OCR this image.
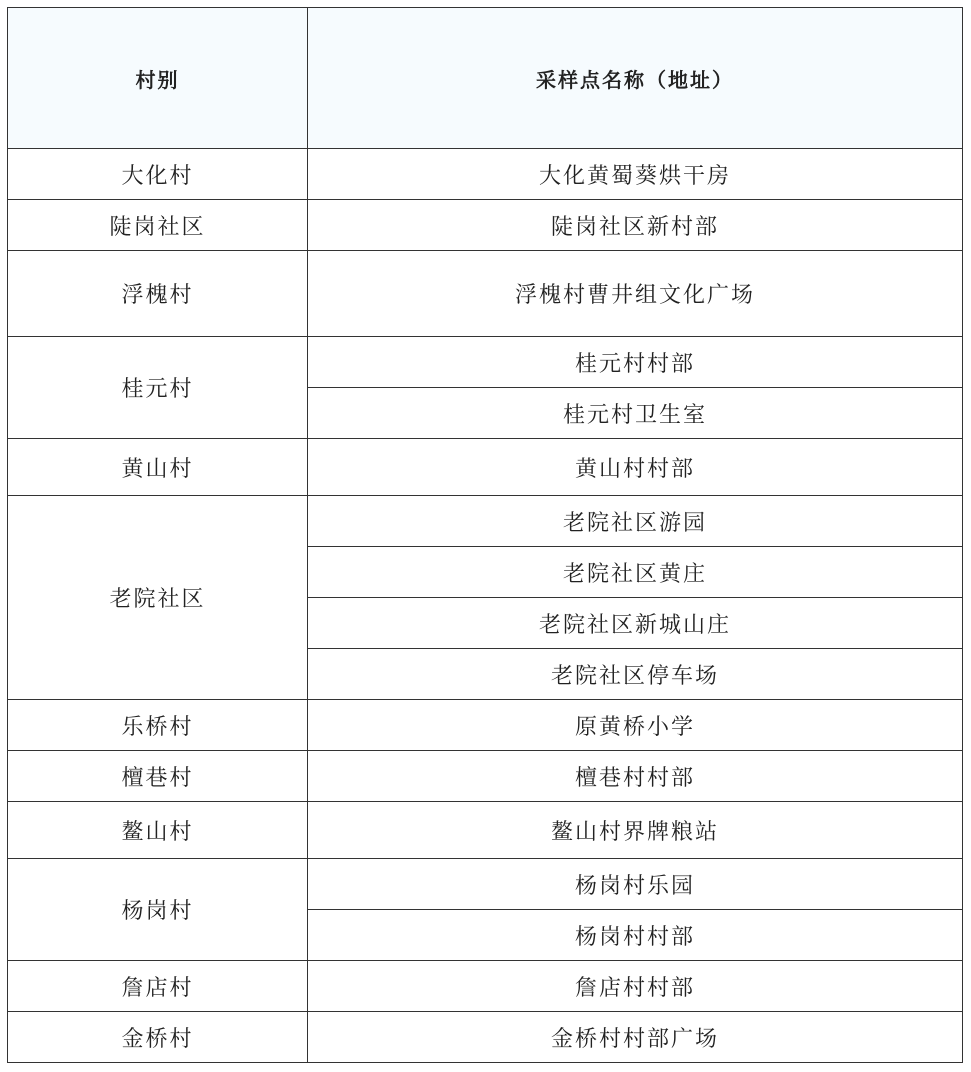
村别	采样点名称（地址）
大化村	大化黄蜀葵烘干房
陡岗社区	陡岗社区新村部
浮槐村	浮槐村曹井组文化广场
桂元村	桂元村村部
	桂元村卫生室
黄山村	黄山村村部
老院社区	老院社区游园
	老院社区黄庄
	老院社区新城山庄
	老院社区停车场
乐桥村	原黄桥小学
檀巷村	檀巷村村部
鳌山村	鳌山村界牌粮站
杨岗村	杨岗村乐园
	杨岗村村部
詹店村	詹店村村部
金桥村	金桥村村部广场
